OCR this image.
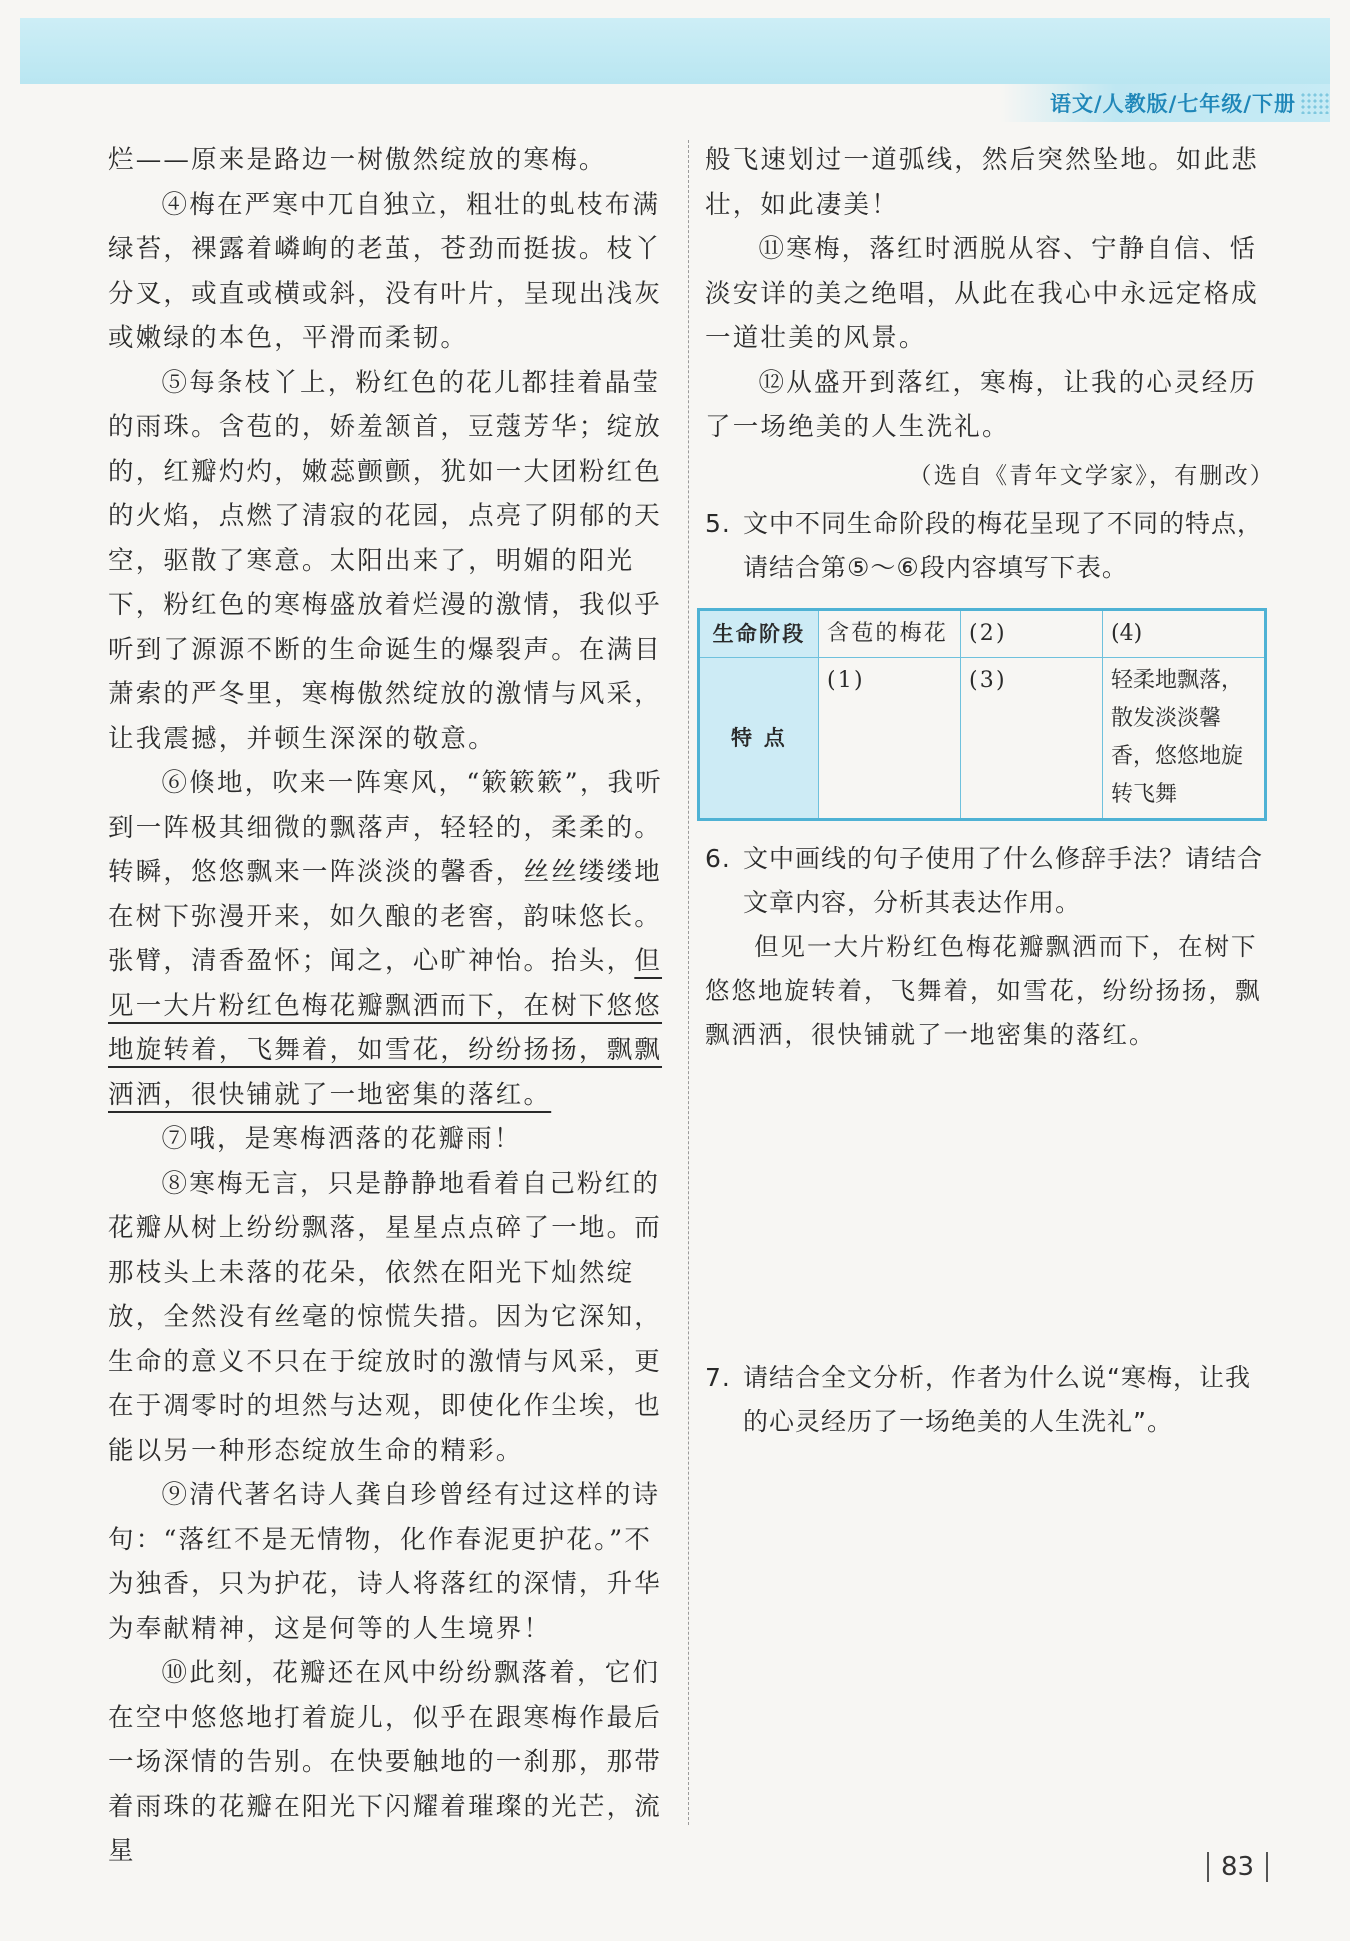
语文/人教版/七年级/下册

烂——原来是路边一树傲然绽放的寒梅。

④梅在严寒中兀自独立，粗壮的虬枝布满绿苔，裸露着嶙峋的老茧，苍劲而挺拔。枝丫分叉，或直或横或斜，没有叶片，呈现出浅灰或嫩绿的本色，平滑而柔韧。

⑤每条枝丫上，粉红色的花儿都挂着晶莹的雨珠。含苞的，娇羞颔首，豆蔻芳华；绽放的，红瓣灼灼，嫩蕊颤颤，犹如一大团粉红色的火焰，点燃了清寂的花园，点亮了阴郁的天空，驱散了寒意。太阳出来了，明媚的阳光下，粉红色的寒梅盛放着烂漫的激情，我似乎听到了源源不断的生命诞生的爆裂声。在满目萧索的严冬里，寒梅傲然绽放的激情与风采，让我震撼，并顿生深深的敬意。

⑥倏地，吹来一阵寒风，“簌簌簌”，我听到一阵极其细微的飘落声，轻轻的，柔柔的。转瞬，悠悠飘来一阵淡淡的馨香，丝丝缕缕地在树下弥漫开来，如久酿的老窖，韵味悠长。张臂，清香盈怀；闻之，心旷神怡。抬头，但见一大片粉红色梅花瓣飘洒而下，在树下悠悠地旋转着，飞舞着，如雪花，纷纷扬扬，飘飘洒洒，很快铺就了一地密集的落红。

⑦哦，是寒梅洒落的花瓣雨！

⑧寒梅无言，只是静静地看着自己粉红的花瓣从树上纷纷飘落，星星点点碎了一地。而那枝头上未落的花朵，依然在阳光下灿然绽放，全然没有丝毫的惊慌失措。因为它深知，生命的意义不只在于绽放时的激情与风采，更在于凋零时的坦然与达观，即使化作尘埃，也能以另一种形态绽放生命的精彩。

⑨清代著名诗人龚自珍曾经有过这样的诗句：“落红不是无情物，化作春泥更护花。”不为独香，只为护花，诗人将落红的深情，升华为奉献精神，这是何等的人生境界！

⑩此刻，花瓣还在风中纷纷飘落着，它们在空中悠悠地打着旋儿，似乎在跟寒梅作最后一场深情的告别。在快要触地的一刹那，那带着雨珠的花瓣在阳光下闪耀着璀璨的光芒，流星

般飞速划过一道弧线，然后突然坠地。如此悲壮，如此凄美！

⑪寒梅，落红时洒脱从容、宁静自信、恬淡安详的美之绝唱，从此在我心中永远定格成一道壮美的风景。

⑫从盛开到落红，寒梅，让我的心灵经历了一场绝美的人生洗礼。

（选自《青年文学家》，有删改）

5. 文中不同生命阶段的梅花呈现了不同的特点，请结合第⑤～⑥段内容填写下表。
生命阶段	含苞的梅花	(2)	(4)
特 点	(1)	(3)	轻柔地飘落，散发淡淡馨香，悠悠地旋转飞舞
6. 文中画线的句子使用了什么修辞手法？请结合文章内容，分析其表达作用。

但见一大片粉红色梅花瓣飘洒而下，在树下悠悠地旋转着，飞舞着，如雪花，纷纷扬扬，飘飘洒洒，很快铺就了一地密集的落红。

7. 请结合全文分析，作者为什么说“寒梅，让我的心灵经历了一场绝美的人生洗礼”。
83
